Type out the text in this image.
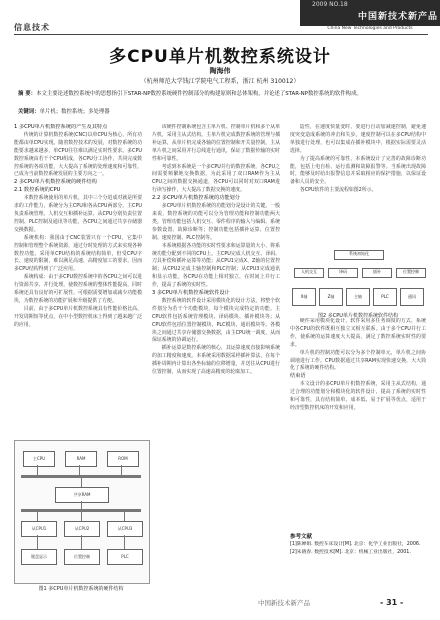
2009 NO.18
中国新技术新产品
China New Technologies and Products
信息技术
多CPU单片机数控系统设计
陶海伟
（杭州师范大学钱江学院电气工程系，浙江 杭州 310012）
摘 要：本文主要论述数控系统中的思想指引下STAR-NP数控系统硬件控制部分的构建原则和总体架构，并论述了STAR-NP数控系统的软件构成。
关键词：单片机；数控系统；多处理器
1 多CPU单片机数控系统的产生及其特点

传统的计算机数控系统(CNC)以单CPU为核心，所有功能都由单CPU实现。随着数控技术的发展，对数控系统的功能要求越来越多，单CPU往往难以满足实时性要求。多CPU数控系统由若干个CPU组成，各CPU分工协作，共同完成数控系统的各项功能，大大提高了系统的处理速度和可靠性，已成为当前数控系统发展的主要方向之一。

2 多CPU单片机数控系统的硬件结构
2.1 数控系统的CPU

本数控系统使用的单片机，其中三个分进成对就是所要求的工作能力，系统分为主CPU和各从CPU两部分。主CPU负责系统管理、人机交互和插补运算，从CPU分别负责位置控制、PLC控制及通讯等功能，各CPU之间通过共享存储器交换数据。

系统机构：我国由于CNC装置只有一个CPU，它集中控制和管理整个系统资源，通过分时处理的方式来实现各种数控功能。采用单CPU结构的系统结构简单，但受CPU字长、速度的限制，难以满足高速、高精度加工的要求，因而多CPU结构得到了广泛应用。

系统构成：由于多CPU数控系统中的各CPU之间可以进行资源共享、并行处理，使数控系统的整体性能提高，同时系统还具有良好的可扩展性，可根据需要增加或减少功能模块，为数控系统的功能扩展和升级提供了方便。

目前，由于多CPU单片机数控系统具有性能价格比高、开发周期短等优点，在中小型数控机床上得到了越来越广泛的应用。

主CPU	RAM	ROM
共享RAM
从CPU1	从CPU2	从CPU3
键盘显示	位置控制	PLC
图1 多CPU单片机数控系统的硬件结构

该硬件控制系统包含主单片机、控制单片机和多个从单片机，采用主从式结构。主单片机完成数控系统的管理与插补运算，从单片机完成各轴的位置控制和开关量控制，主从单片机之间采用并行总线进行通讯，保证了数据传输的实时性和可靠性。

考虑到本系统是一个多CPU并行的数控系统，各CPU之间需要频繁地交换数据，为此采用了双口RAM作为主从CPU之间的数据交换通道，各CPU可以同时对双口RAM进行读写操作，大大提高了数据交换的速度。

2.2 多CPU单片机数控系统的功能划分

多CPU单片机数控系统的功能划分是设计的关键。一般来说，数控系统的功能可以分为管理功能和控制功能两大类。管理功能包括人机交互、零件程序的输入与编辑、系统参数设置、故障诊断等；控制功能包括插补运算、位置控制、速度控制、PLC控制等。

本系统根据各功能的实时性要求和运算量的大小，将系统功能分配到不同的CPU上。主CPU完成人机交互、译码、刀具补偿和插补运算等功能；从CPU1完成X、Z轴的位置控制；从CPU2完成主轴控制和PLC控制；从CPU3完成通讯和显示功能。各CPU在功能上相对独立，在时间上并行工作，提高了系统的实时性。

3 多CPU单片机数控系统软件设计

数控系统的软件设计采用模块化的设计方法，将整个软件划分为若干个功能模块，每个模块完成特定的功能。主CPU软件包括系统管理模块、译码模块、插补模块等；从CPU软件包括位置控制模块、PLC模块、通讯模块等。各模块之间通过共享存储器交换数据，由主CPU统一调度，从而保证系统的协调运行。

插补运算是数控系统的核心，其运算速度直接影响系统的加工精度和速度。本系统采用数据采样插补算法，在每个插补周期内计算出各坐标轴的位移增量，并送往从CPU进行位置控制，从而实现了高速高精度的轮廓加工。

造性，在速度快量变时，要进行自动加减速控制，避免速度突变造成系统的冲击和失步。速度控制可以在多CPU结构中单独进行处理，也可以集成在插补模块中，根据实际需要灵活选择。

为了提高系统的可靠性，本系统设计了完善的故障诊断功能，包括上电自检、运行监测和故障报警等。当系统出现故障时，能够及时给出报警信息并采取相应的保护措施，以保证设备和人员的安全。

各CPU软件的主要流程如图2所示。

系统初始化
人机交互	译码	插补	位置控制
X轴	Z轴	主轴	PLC	通讯
图2 多CPU单片机数控系统软件结构

硬件采用模块化设计，软件采用多任务调度的方式，系统中各CPU的软件既相互独立又相互联系。由于多个CPU并行工作，使系统的运算速度大大提高，满足了数控系统实时性的要求。

单片机的控制功能可以分为多个控制单元，单片机之间协调地进行工作。CPU数据通过共享RAM实现快速交换，大大简化了系统的硬件结构。

结束语

本文设计的多CPU单片机数控系统，采用主从式结构，通过合理的功能划分和模块化的软件设计，提高了系统的实时性和可靠性，具有结构简单、成本低、易于扩展等优点，适用于经济型数控机床的开发和应用。

参考文献
[1]陈婵娟. 数控车床设计[M]. 北京：化学工业出版社，2006.
[2]朱晓春. 数控技术[M]. 北京：机械工业出版社，2001.
中国新技术新产品	- 31 -
